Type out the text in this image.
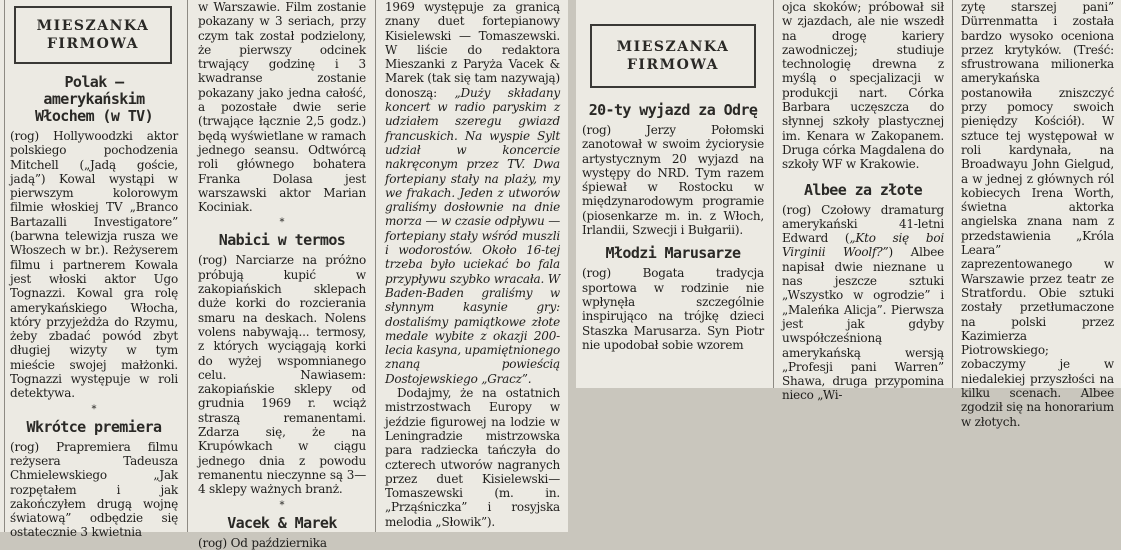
MIESZANKA
FIRMOWA
Polak — amerykańskim Włochem (w TV)

(rog) Hollywoodzki aktor polskiego pochodzenia Mitchell („Jadą goście, jadą”) Kowal wystąpi w pierwszym kolorowym filmie włoskiej TV „Branco Bartazalli Investigatore” (barwna telewizja rusza we Włoszech w br.). Reżyserem filmu i partnerem Kowala jest włoski aktor Ugo Tognazzi. Kowal gra rolę amerykańskiego Włocha, który przyjeżdża do Rzymu, żeby zbadać powód zbyt długiej wizyty w tym mieście swojej małżonki. Tognazzi występuje w roli detektywa.

*
Wkrótce premiera

(rog) Prapremiera filmu reżysera Tadeusza Chmielewskiego „Jak rozpętałem i jak zakończyłem drugą wojnę światową” odbędzie się ostatecznie 3 kwietnia

w Warszawie. Film zostanie pokazany w 3 seriach, przy czym tak został podzielony, że pierwszy odcinek trwający godzinę i 3 kwadranse zostanie pokazany jako jedna całość, a pozostałe dwie serie (trwające łącznie 2,5 godz.) będą wyświetlane w ramach jednego seansu. Odtwórcą roli głównego bohatera Franka Dolasa jest warszawski aktor Marian Kociniak.

*
Nabici w termos

(rog) Narciarze na próżno próbują kupić w zakopiańskich sklepach duże korki do rozcierania smaru na deskach. Nolens volens nabywają... termosy, z których wyciągają korki do wyżej wspomnianego celu. Nawiasem: zakopiańskie sklepy od grudnia 1969 r. wciąż straszą remanentami. Zdarza się, że na Krupówkach w ciągu jednego dnia z powodu remanentu nieczynne są 3—4 sklepy ważnych branż.

*
Vacek & Marek

(rog) Od października

1969 występuje za granicą znany duet fortepianowy Kisielewski — Tomaszewski. W liście do redaktora Mieszanki z Paryża Vacek & Marek (tak się tam nazywają) donoszą: „Duży składany koncert w radio paryskim z udziałem szeregu gwiazd francuskich. Na wyspie Sylt udział w koncercie nakręconym przez TV. Dwa fortepiany stały na plaży, my we frakach. Jeden z utworów graliśmy dosłownie na dnie morza — w czasie odpływu — fortepiany stały wśród muszli i wodorostów. Około 16-tej trzeba było uciekać bo fala przypływu szybko wracała. W Baden-Baden graliśmy w słynnym kasynie gry: dostaliśmy pamiątkowe złote medale wybite z okazji 200-lecia kasyna, upamiętnionego znaną powieścią Dostojewskiego „Gracz”.

Dodajmy, że na ostatnich mistrzostwach Europy w jeździe figurowej na lodzie w Leningradzie mistrzowska para radziecka tańczyła do czterech utworów nagranych przez duet Kisielewski—Tomaszewski (m. in. „Prząśniczka” i rosyjska melodia „Słowik”).

MIESZANKA
FIRMOWA
20-ty wyjazd za Odrę

(rog) Jerzy Połomski zanotował w swoim życiorysie artystycznym 20 wyjazd na występy do NRD. Tym razem śpiewał w Rostocku w międzynarodowym programie (piosenkarze m. in. z Włoch, Irlandii, Szwecji i Bułgarii).

Młodzi Marusarze

(rog) Bogata tradycja sportowa w rodzinie nie wpłynęła szczególnie inspirująco na trójkę dzieci Staszka Marusarza. Syn Piotr nie upodobał sobie wzorem

ojca skoków; próbował sił w zjazdach, ale nie wszedł na drogę kariery zawodniczej; studiuje technologię drewna z myślą o specjalizacji w produkcji nart. Córka Barbara uczęszcza do słynnej szkoły plastycznej im. Kenara w Zakopanem. Druga córka Magdalena do szkoły WF w Krakowie.

Albee za złote

(rog) Czołowy dramaturg amerykański 41-letni Edward („Kto się boi Virginii Woolf?”) Albee napisał dwie nieznane u nas jeszcze sztuki „Wszystko w ogrodzie” i „Maleńka Alicja”. Pierwsza jest jak gdyby uwspółcześnioną amerykańską wersją „Profesji pani Warren” Shawa, druga przypomina nieco „Wi-

zytę starszej pani” Dürrenmatta i została bardzo wysoko oceniona przez krytyków. (Treść: sfrustrowana milionerka amerykańska postanowiła zniszczyć przy pomocy swoich pieniędzy Kościół). W sztuce tej występował w roli kardynała, na Broadwayu John Gielgud, a w jednej z głównych ról kobiecych Irena Worth, świetna aktorka angielska znana nam z przedstawienia „Króla Leara” zaprezentowanego w Warszawie przez teatr ze Stratfordu. Obie sztuki zostały przetłumaczone na polski przez Kazimierza Piotrowskiego; zobaczymy je w niedalekiej przyszłości na kilku scenach. Albee zgodził się na honorarium w złotych.
